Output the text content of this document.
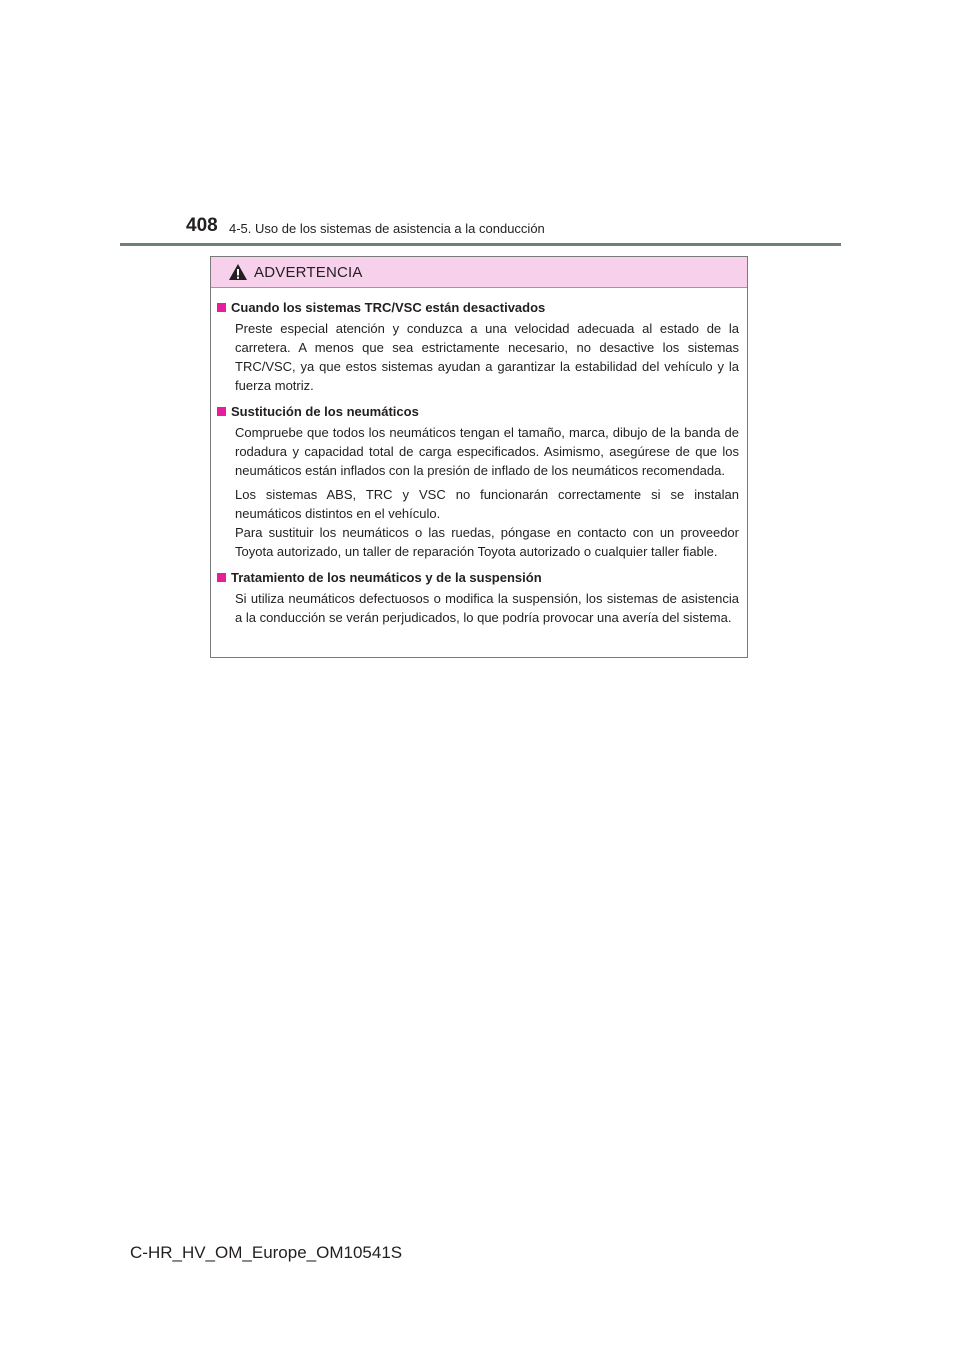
408 4-5. Uso de los sistemas de asistencia a la conducción
ADVERTENCIA
Cuando los sistemas TRC/VSC están desactivados

Preste especial atención y conduzca a una velocidad adecuada al estado de la carretera. A menos que sea estrictamente necesario, no desactive los sistemas TRC/VSC, ya que estos sistemas ayudan a garantizar la estabilidad del vehículo y la fuerza motriz.

Sustitución de los neumáticos

Compruebe que todos los neumáticos tengan el tamaño, marca, dibujo de la banda de rodadura y capacidad total de carga especificados. Asimismo, asegúrese de que los neumáticos están inflados con la presión de inflado de los neumáticos recomendada.

Los sistemas ABS, TRC y VSC no funcionarán correctamente si se instalan neumáticos distintos en el vehículo.
Para sustituir los neumáticos o las ruedas, póngase en contacto con un proveedor Toyota autorizado, un taller de reparación Toyota autorizado o cualquier taller fiable.

Tratamiento de los neumáticos y de la suspensión

Si utiliza neumáticos defectuosos o modifica la suspensión, los sistemas de asistencia a la conducción se verán perjudicados, lo que podría provocar una avería del sistema.

C-HR_HV_OM_Europe_OM10541S
